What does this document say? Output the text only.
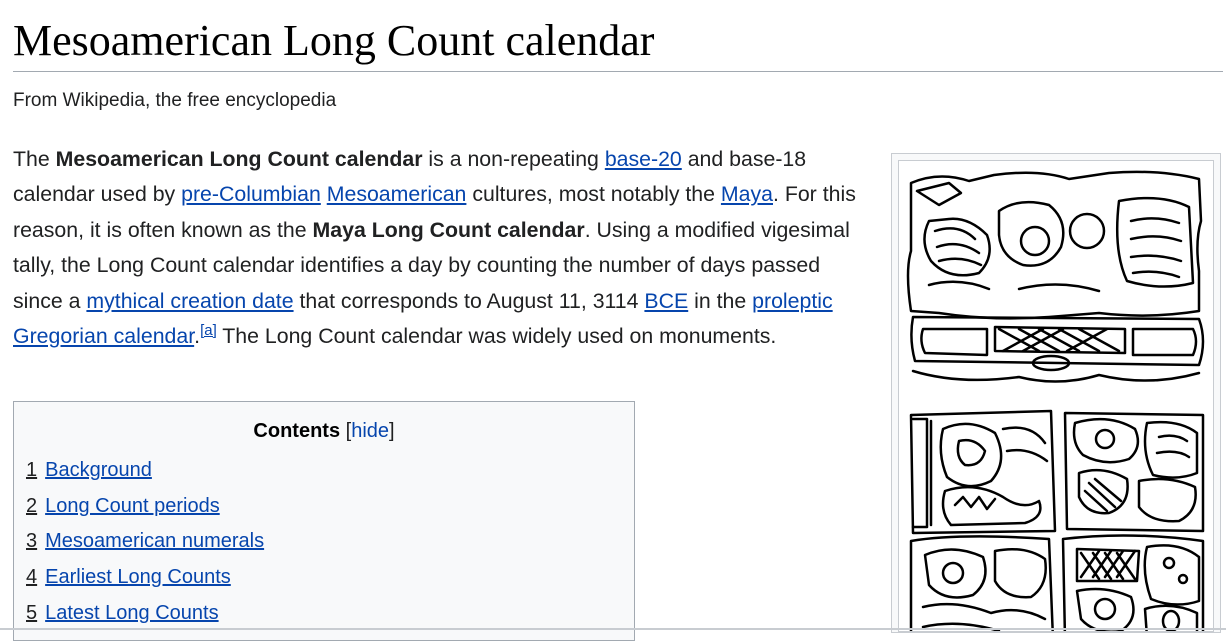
Mesoamerican Long Count calendar
From Wikipedia, the free encyclopedia

The Mesoamerican Long Count calendar is a non-repeating base-20 and base-18 calendar used by pre-Columbian Mesoamerican cultures, most notably the Maya. For this reason, it is often known as the Maya Long Count calendar. Using a modified vigesimal tally, the Long Count calendar identifies a day by counting the number of days passed since a mythical creation date that corresponds to August 11, 3114 BCE in the proleptic Gregorian calendar.[a] The Long Count calendar was widely used on monuments.

Contents [hide]
1 Background
2 Long Count periods
3 Mesoamerican numerals
4 Earliest Long Counts
5 Latest Long Counts
